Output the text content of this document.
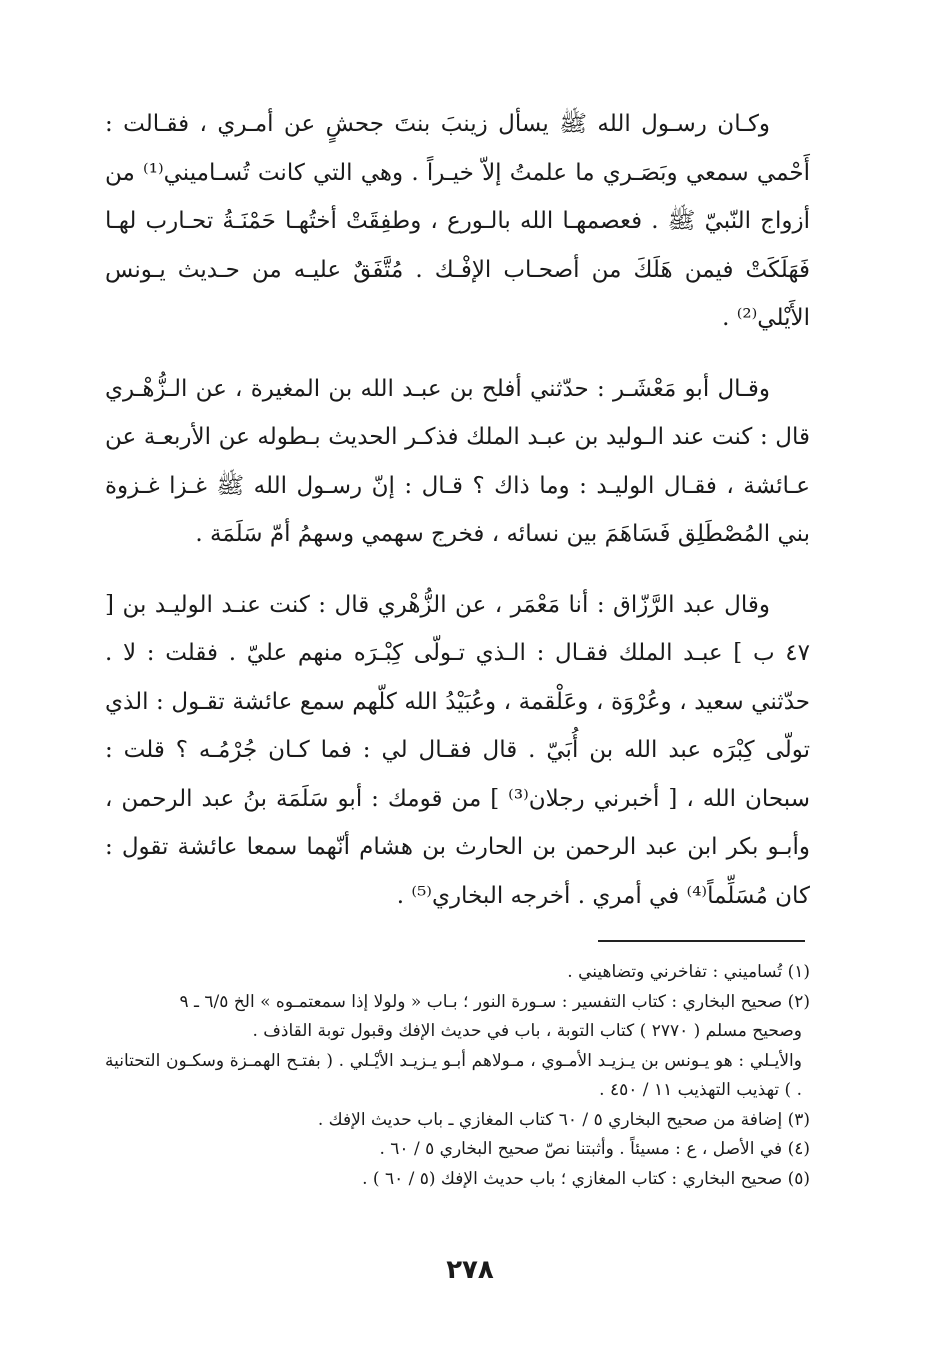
وكـان رسـول الله ﷺ يسأل زينبَ بنتَ جحشٍ عن أمـري ، فقـالت : أَحْمي سمعي وبَصَـري ما علمتُ إلاّ خيـراً . وهي التي كانت تُسـاميني⁽¹⁾ من أزواج النّبيّ ﷺ . فعصمهـا الله بالـورع ، وطفِقَتْ أختُهـا حَمْنَـةُ تحـارب لهـا فَهَلَكَتْ فيمن هَلَكَ من أصحـاب الإفْـك . مُتَّفَقٌ عليـه من حـديث يـونس الأَيْلي⁽²⁾ .

وقـال أبو مَعْشَـر : حدّثني أفلح بن عبـد الله بن المغيرة ، عن الـزُّهْـري قال : كنت عند الـوليد بن عبـد الملك فذكـر الحديث بـطوله عن الأربعـة عن عـائشة ، فقـال الوليـد : وما ذاك ؟ قـال : إنّ رسـول الله ﷺ غـزا غـزوة بني المُصْطَلِق فَسَاهَمَ بين نسائه ، فخرج سهمي وسهمُ أمّ سَلَمَة .

وقال عبد الرَّزّاق : أنا مَعْمَر ، عن الزُّهْري قال : كنت عنـد الوليـد بن [ ٤٧ ب ] عبـد الملك فقـال : الـذي تـولّى كِبْـرَه منهم عليّ . فقلت : لا . حدّثني سعيد ، وعُرْوَة ، وعَلْقمة ، وعُبَيْدُ الله كلّهم سمع عائشة تقـول : الذي تولّى كِبْرَه عبد الله بن أُبَيّ . قال فقـال لي : فما كـان جُرْمُـه ؟ قلت : سبحان الله ، [ أخبرني رجلان⁽³⁾ ] من قومك : أبو سَلَمَة بنُ عبد الرحمن ، وأبـو بكر ابن عبد الرحمن بن الحارث بن هشام أنّهما سمعا عائشة تقول : كان مُسَلِّماً⁽⁴⁾ في أمري . أخرجه البخاري⁽⁵⁾ .

(١) تُساميني : تفاخرني وتضاهيني .

(٢) صحيح البخاري : كتاب التفسير : سـورة النور ؛ بـاب « ولولا إذا سمعتمـوه » الخ ٦/٥ ـ ٩

وصحيح مسلم ( ٢٧٧٠ ) كتاب التوبة ، باب في حديث الإفك وقبول توبة القاذف .

والأيـلي : هو يـونس بن يـزيـد الأمـوي ، مـولاهم أبـو يـزيـد الأيْـلي . ( بفتـح الهمـزة وسكـون التحتانية . ) تهذيب التهذيب ١١ / ٤٥٠ .

(٣) إضافة من صحيح البخاري ٥ / ٦٠ كتاب المغازي ـ باب حديث الإفك .

(٤) في الأصل ، ع : مسيئاً . وأثبتنا نصّ صحيح البخاري ٥ / ٦٠ .

(٥) صحيح البخاري : كتاب المغازي ؛ باب حديث الإفك (٥ / ٦٠ ) .

٢٧٨
